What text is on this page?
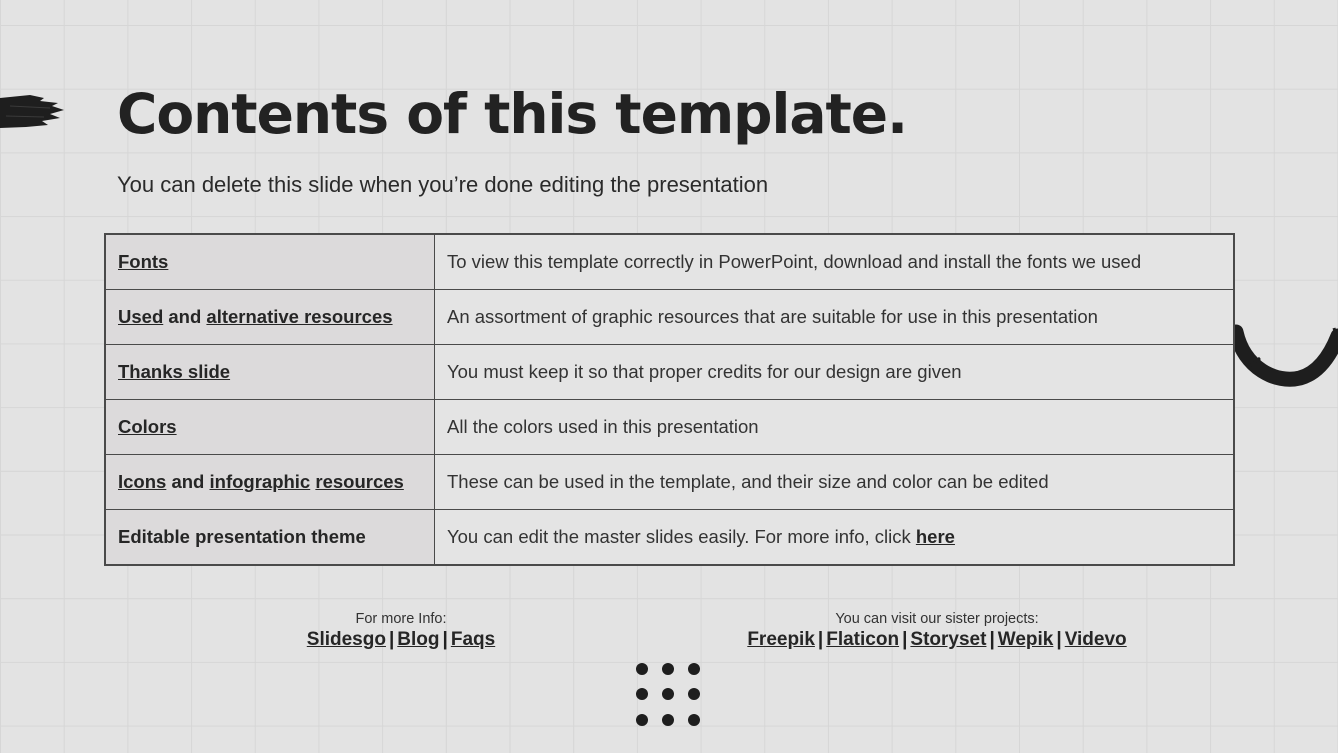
Contents of this template.

You can delete this slide when you’re done editing the presentation

Fonts	To view this template correctly in PowerPoint, download and install the fonts we used
Used and alternative resources	An assortment of graphic resources that are suitable for use in this presentation
Thanks slide	You must keep it so that proper credits for our design are given
Colors	All the colors used in this presentation
Icons and infographic resources	These can be used in the template, and their size and color can be edited
Editable presentation theme	You can edit the master slides easily. For more info, click here
For more Info:
Slidesgo | Blog | Faqs
You can visit our sister projects:
Freepik | Flaticon | Storyset | Wepik | Videvo
